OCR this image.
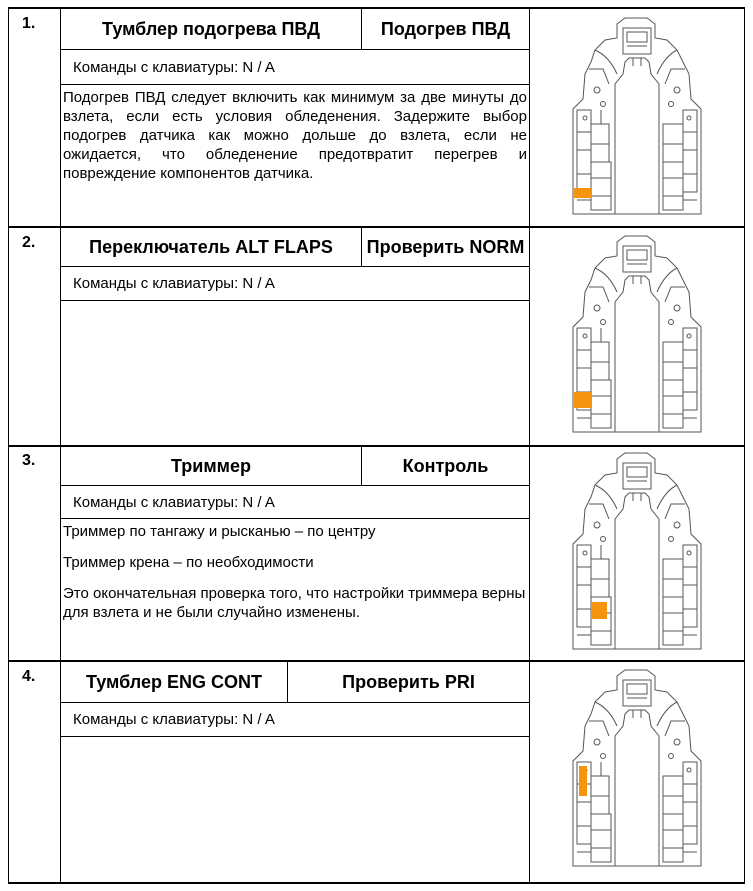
1.	Тумблер подогрева ПВД	Подогрев ПВД
Команды с клавиатуры: N / A
Подогрев ПВД следует включить как минимум за две минуты до взлета, если есть условия обледенения. Задержите выбор подогрев датчика как можно дольше до взлета, если не ожидается, что обледенение предотвратит перегрев и повреждение компонентов датчика.
2.	Переключатель ALT FLAPS	Проверить NORM
Команды с клавиатуры: N / A
3.	Триммер	Контроль
Команды с клавиатуры: N / A

Триммер по тангажу и рысканью – по центру

Триммер крена – по необходимости

Это окончательная проверка того, что настройки триммера верны для взлета и не были случайно изменены.

4.	Тумблер ENG CONT	Проверить PRI
Команды с клавиатуры: N / A
